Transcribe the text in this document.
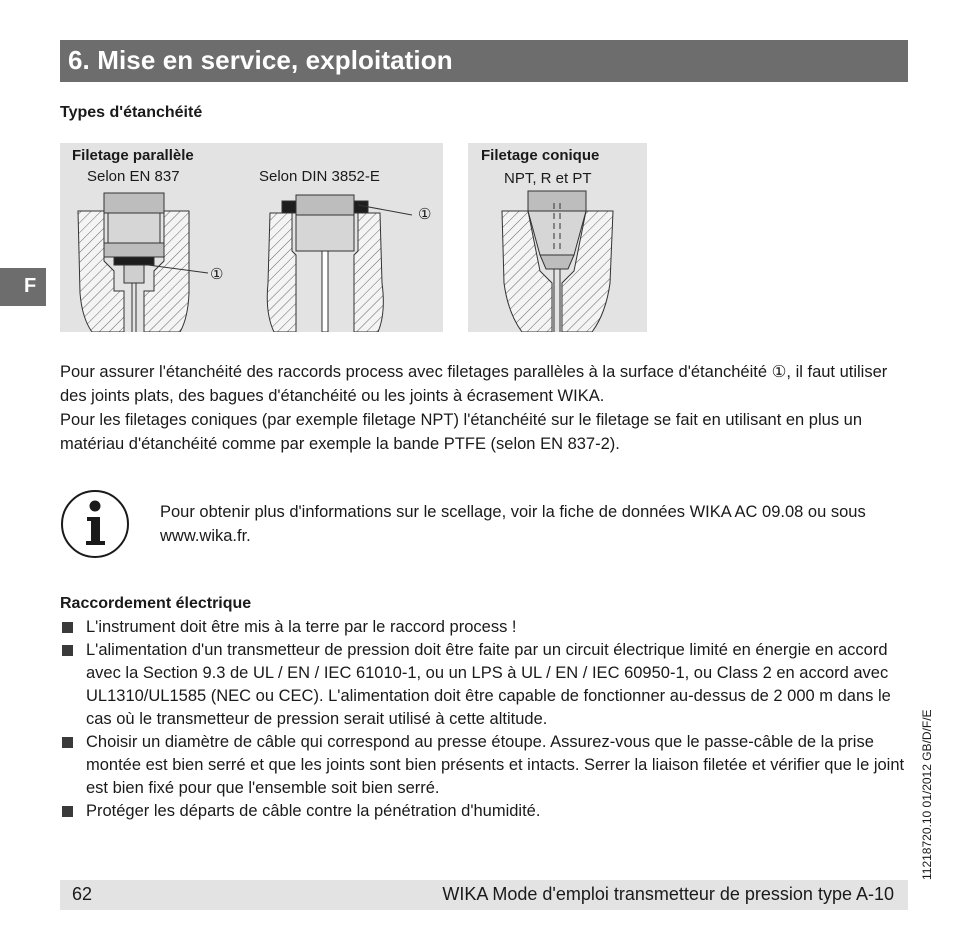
6. Mise en service, exploitation
F
Types d'étanchéité
Filetage parallèle
Selon EN 837	Selon DIN 3852-E
①
①
Filetage conique
NPT, R et PT

Pour assurer l'étanchéité des raccords process avec filetages parallèles à la surface d'étanchéité ①, il faut utiliser des joints plats, des bagues d'étanchéité ou les joints à écrasement WIKA.

Pour les filetages coniques (par exemple filetage NPT) l'étanchéité sur le filetage se fait en utilisant en plus un matériau d'étanchéité comme par exemple la bande PTFE (selon EN 837-2).

Pour obtenir plus d'informations sur le scellage, voir la fiche de données WIKA AC 09.08 ou sous www.wika.fr.
Raccordement électrique
L'instrument doit être mis à la terre par le raccord process !
L'alimentation d'un transmetteur de pression doit être faite par un circuit électrique limité en énergie en accord avec la Section 9.3 de UL / EN / IEC 61010-1, ou un LPS à UL / EN / IEC 60950-1, ou Class 2 en accord avec UL1310/UL1585 (NEC ou CEC). L'alimentation doit être capable de fonctionner au-dessus de 2 000 m dans le cas où le transmetteur de pression serait utilisé à cette altitude.
Choisir un diamètre de câble qui correspond au presse étoupe. Assurez-vous que le passe-câble de la prise montée est bien serré et que les joints sont bien présents et intacts. Serrer la liaison filetée et vérifier que le joint est bien fixé pour que l'ensemble soit bien serré.
Protéger les départs de câble contre la pénétration d'humidité.	11218720.10 01/2012 GB/D/F/E
62	WIKA Mode d'emploi transmetteur de pression type A-10
